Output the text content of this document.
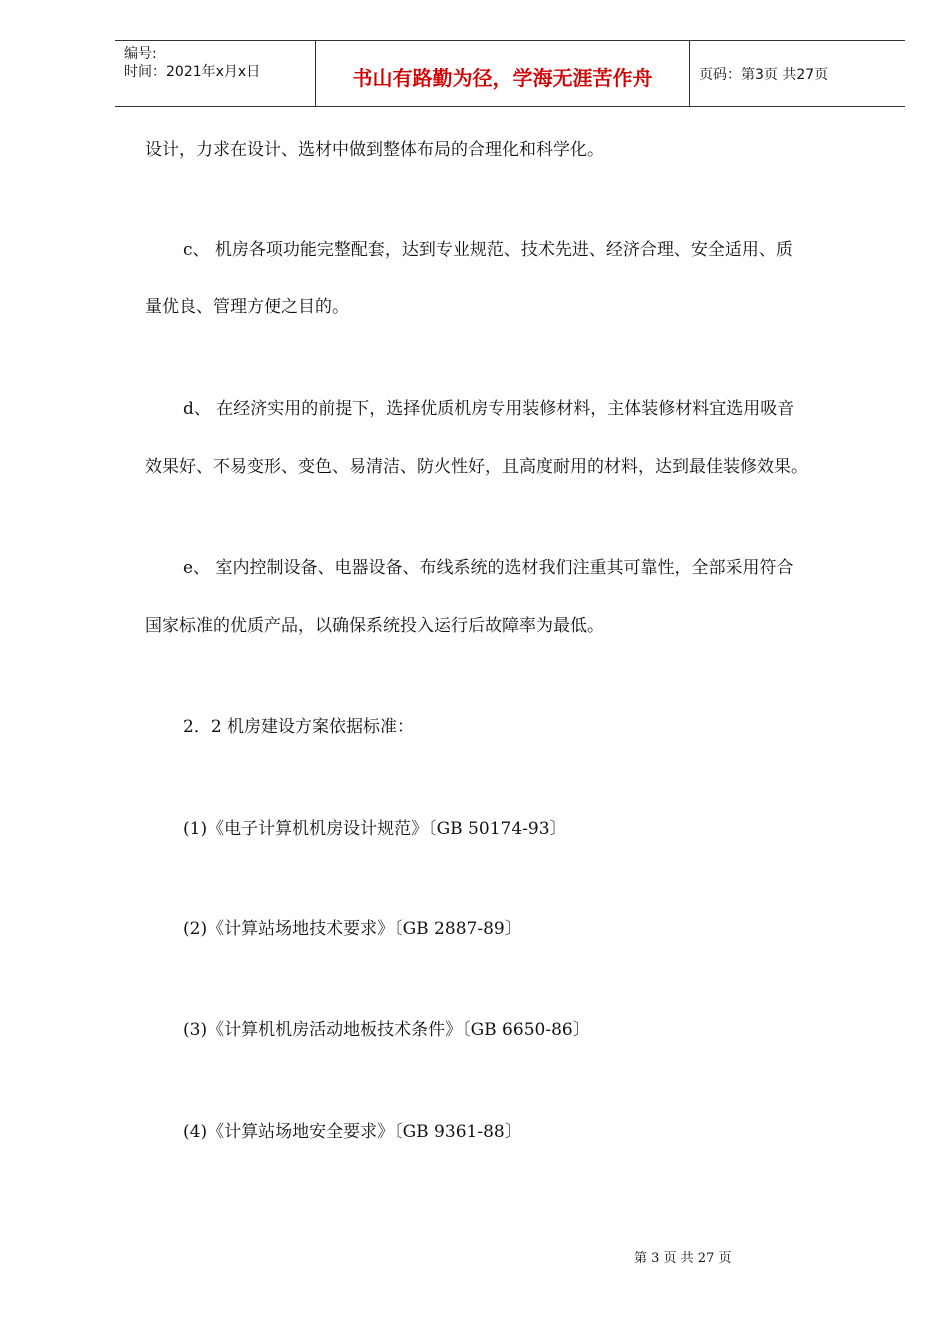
编号:
时间：2021年x月x日	书山有路勤为径，学海无涯苦作舟	页码：第3页 共27页
设计，力求在设计、选材中做到整体布局的合理化和科学化。
c、 机房各项功能完整配套，达到专业规范、技术先进、经济合理、安全适用、质
量优良、管理方便之目的。
d、 在经济实用的前提下，选择优质机房专用装修材料，主体装修材料宜选用吸音
效果好、不易变形、变色、易清洁、防火性好，且高度耐用的材料，达到最佳装修效果。
e、 室内控制设备、电器设备、布线系统的选材我们注重其可靠性，全部采用符合
国家标准的优质产品，以确保系统投入运行后故障率为最低。
2．2 机房建设方案依据标准：
(1)《电子计算机机房设计规范》〔GB 50174-93〕
(2)《计算站场地技术要求》〔GB 2887-89〕
(3)《计算机机房活动地板技术条件》〔GB 6650-86〕
(4)《计算站场地安全要求》〔GB 9361-88〕
第 3 页 共 27 页
